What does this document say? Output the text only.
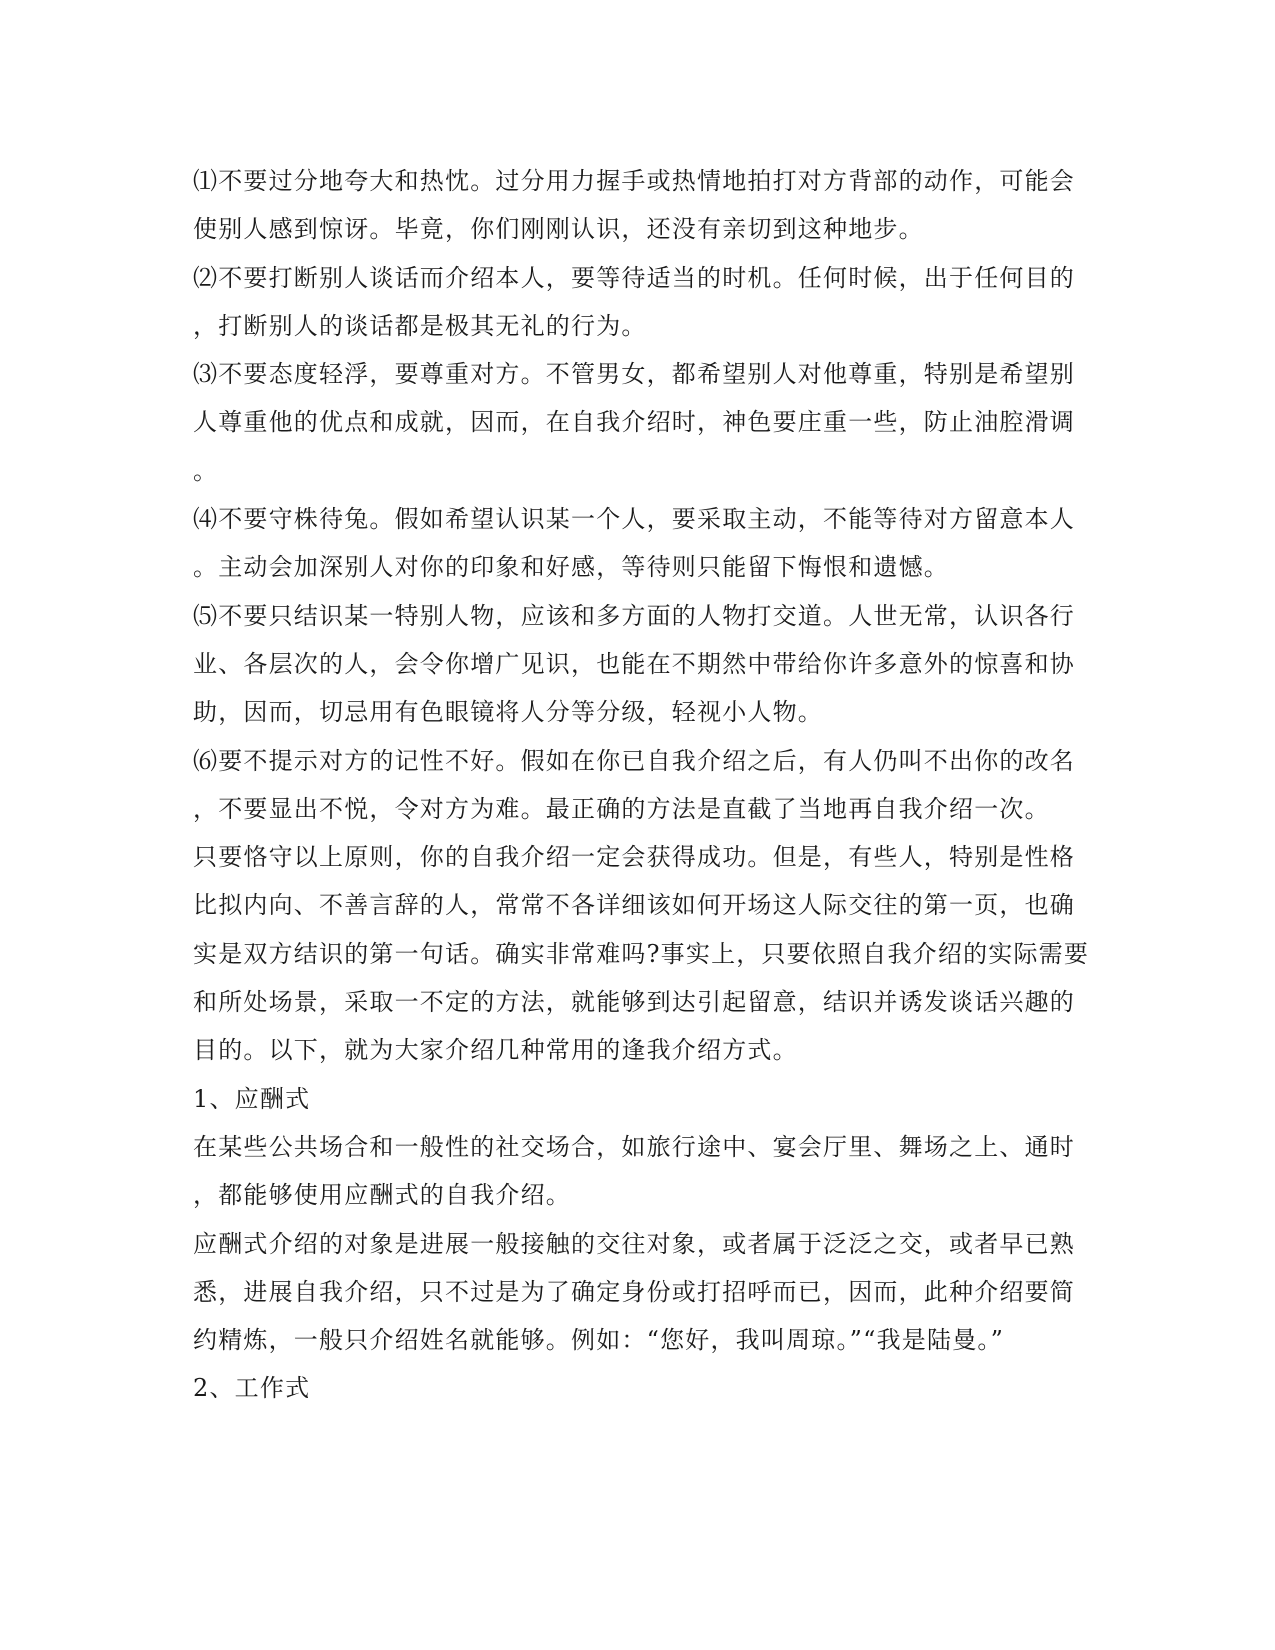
⑴不要过分地夸大和热忱。过分用力握手或热情地拍打对方背部的动作，可能会
使别人感到惊讶。毕竟，你们刚刚认识，还没有亲切到这种地步。
⑵不要打断别人谈话而介绍本人，要等待适当的时机。任何时候，出于任何目的
，打断别人的谈话都是极其无礼的行为。
⑶不要态度轻浮，要尊重对方。不管男女，都希望别人对他尊重，特别是希望别
人尊重他的优点和成就，因而，在自我介绍时，神色要庄重一些，防止油腔滑调
。
⑷不要守株待兔。假如希望认识某一个人，要采取主动，不能等待对方留意本人
。主动会加深别人对你的印象和好感，等待则只能留下悔恨和遗憾。
⑸不要只结识某一特别人物，应该和多方面的人物打交道。人世无常，认识各行
业、各层次的人，会令你增广见识，也能在不期然中带给你许多意外的惊喜和协
助，因而，切忌用有色眼镜将人分等分级，轻视小人物。
⑹要不提示对方的记性不好。假如在你已自我介绍之后，有人仍叫不出你的改名
，不要显出不悦，令对方为难。最正确的方法是直截了当地再自我介绍一次。
只要恪守以上原则，你的自我介绍一定会获得成功。但是，有些人，特别是性格
比拟内向、不善言辞的人，常常不各详细该如何开场这人际交往的第一页，也确
实是双方结识的第一句话。确实非常难吗?事实上，只要依照自我介绍的实际需要
和所处场景，采取一不定的方法，就能够到达引起留意，结识并诱发谈话兴趣的
目的。以下，就为大家介绍几种常用的逢我介绍方式。
1、应酬式
在某些公共场合和一般性的社交场合，如旅行途中、宴会厅里、舞场之上、通时
，都能够使用应酬式的自我介绍。
应酬式介绍的对象是进展一般接触的交往对象，或者属于泛泛之交，或者早已熟
悉，进展自我介绍，只不过是为了确定身份或打招呼而已，因而，此种介绍要简
约精炼，一般只介绍姓名就能够。例如：“您好，我叫周琼。”“我是陆曼。”
2、工作式
